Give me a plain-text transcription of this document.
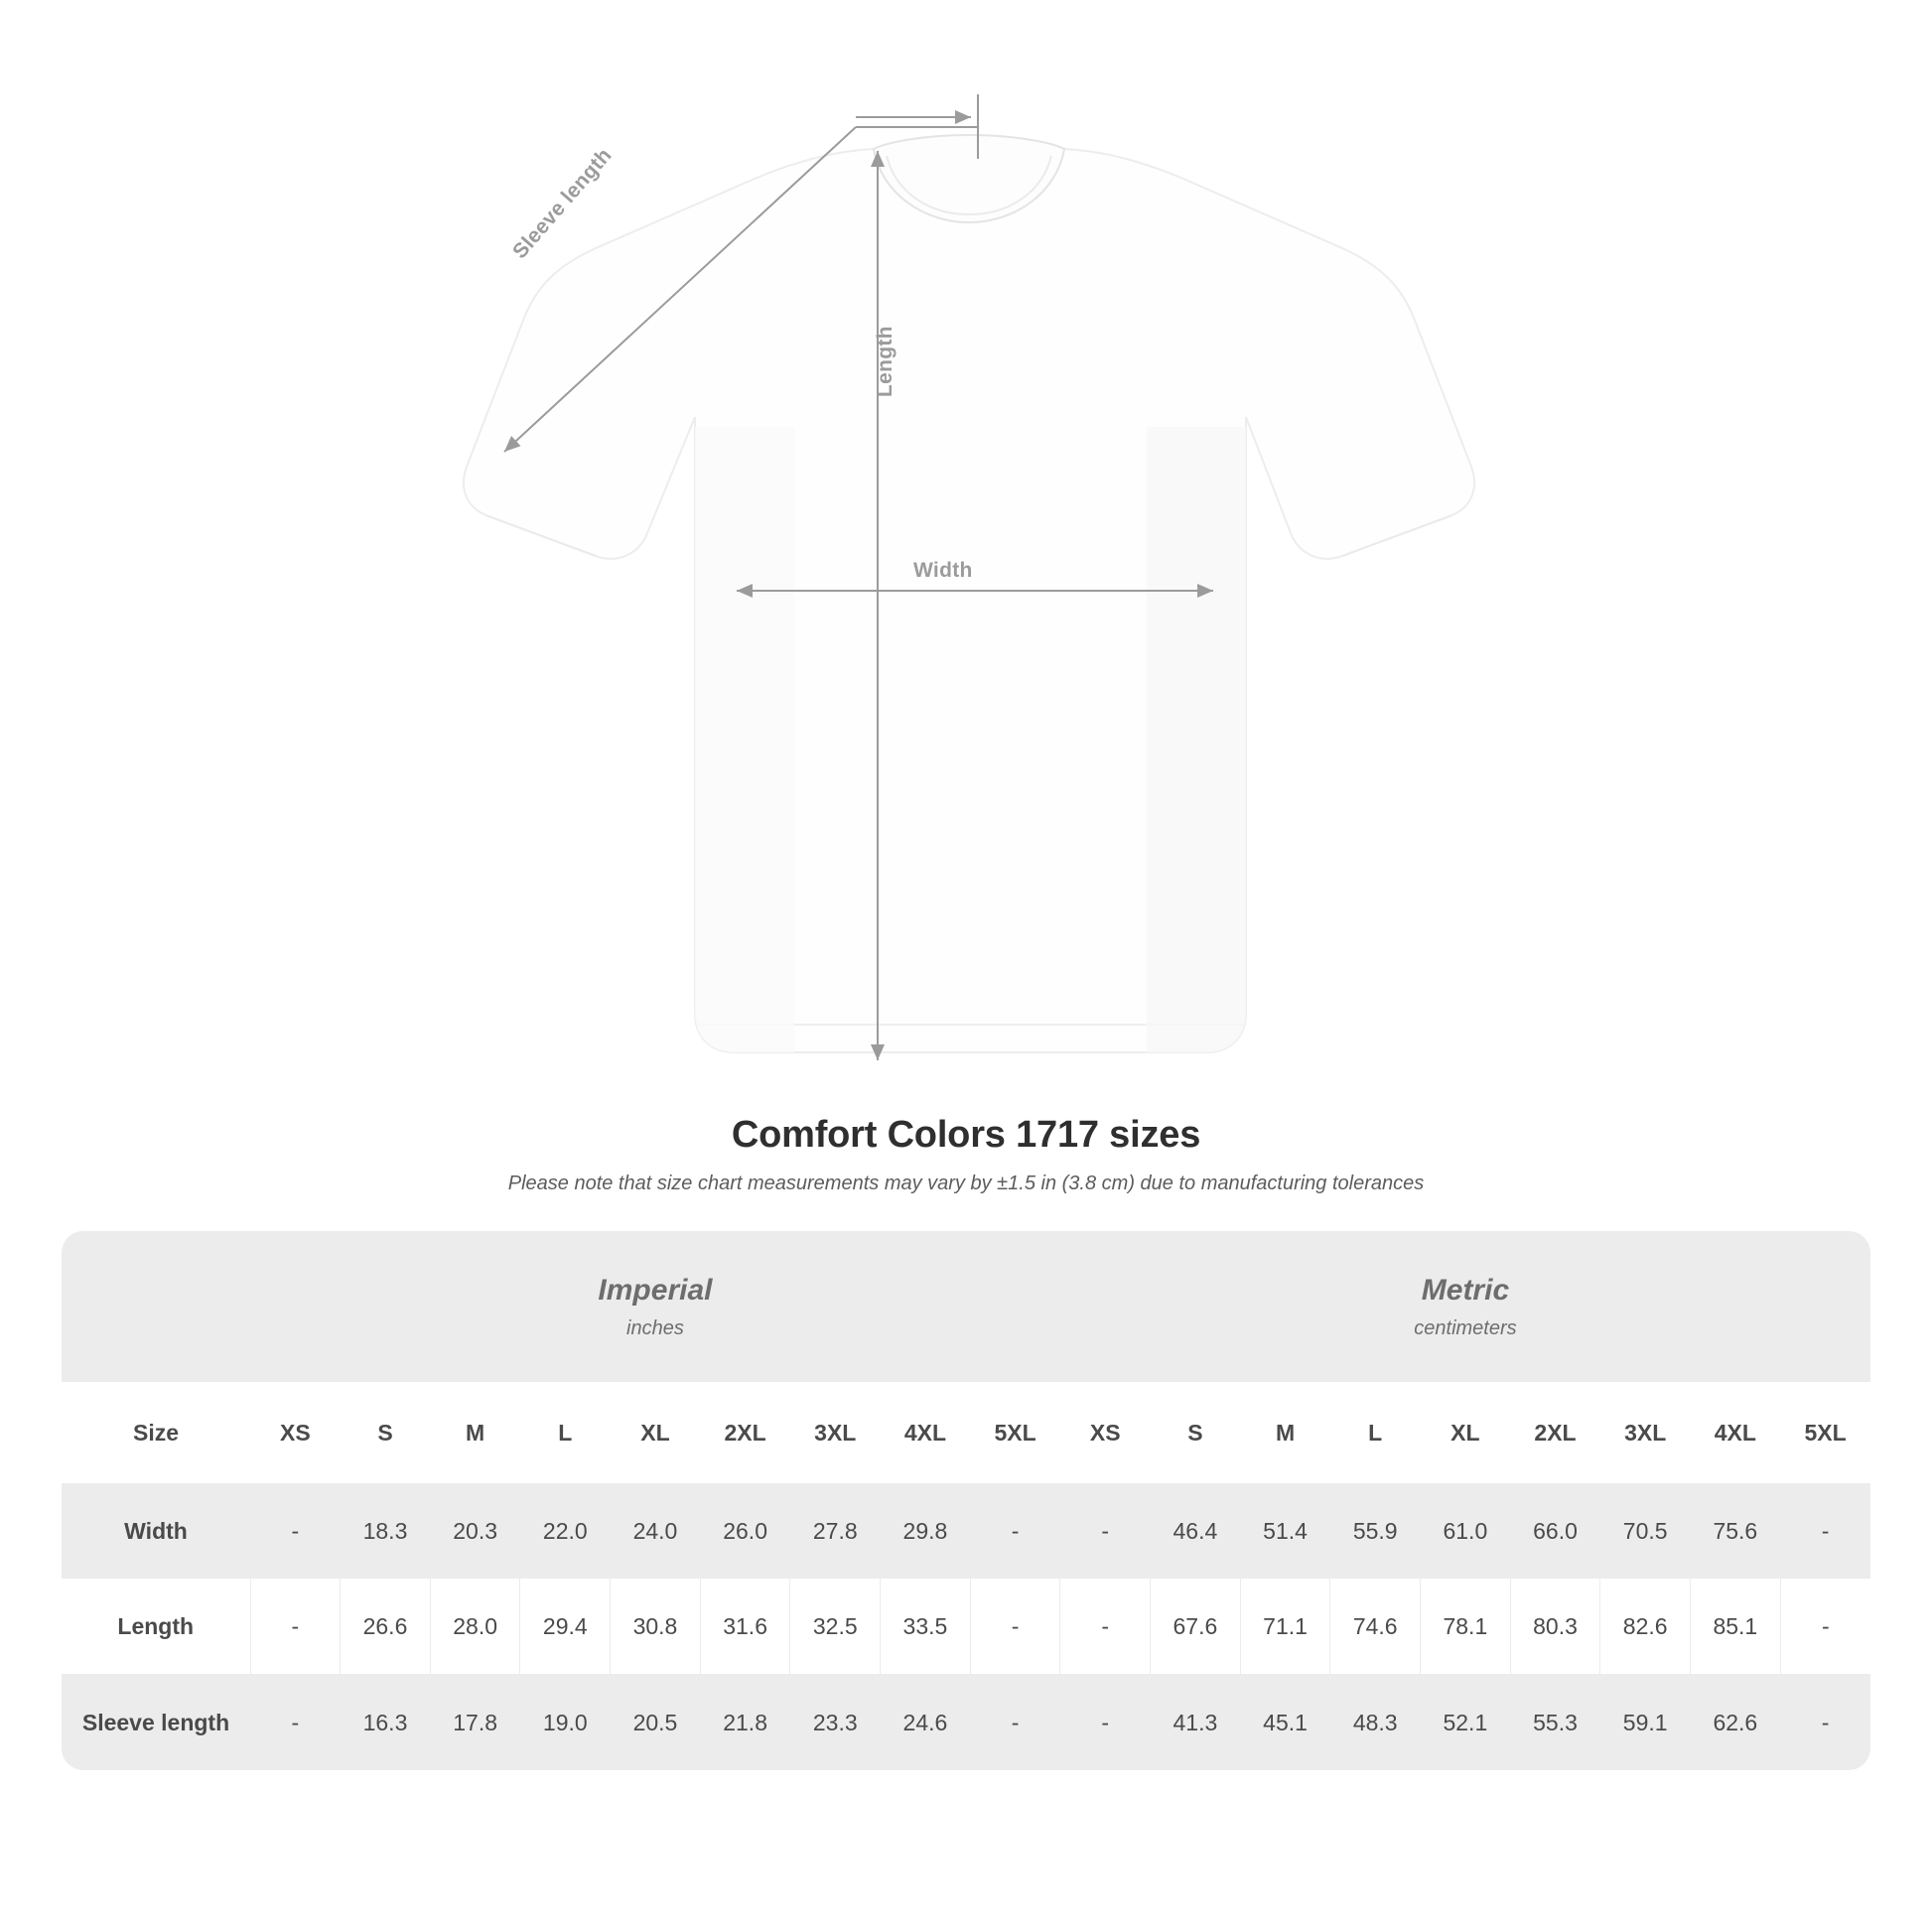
Width
Length
Sleeve length
Comfort Colors 1717 sizes
Please note that size chart measurements may vary by ±1.5 in (3.8 cm) due to manufacturing tolerances

Imperial
inches

Metric
centimeters

Size	XS	S	M	L	XL	2XL	3XL	4XL	5XL	XS	S	M	L	XL	2XL	3XL	4XL	5XL
Width	-	18.3	20.3	22.0	24.0	26.0	27.8	29.8	-	-	46.4	51.4	55.9	61.0	66.0	70.5	75.6	-
Length	-	26.6	28.0	29.4	30.8	31.6	32.5	33.5	-	-	67.6	71.1	74.6	78.1	80.3	82.6	85.1	-
Sleeve length	-	16.3	17.8	19.0	20.5	21.8	23.3	24.6	-	-	41.3	45.1	48.3	52.1	55.3	59.1	62.6	-
